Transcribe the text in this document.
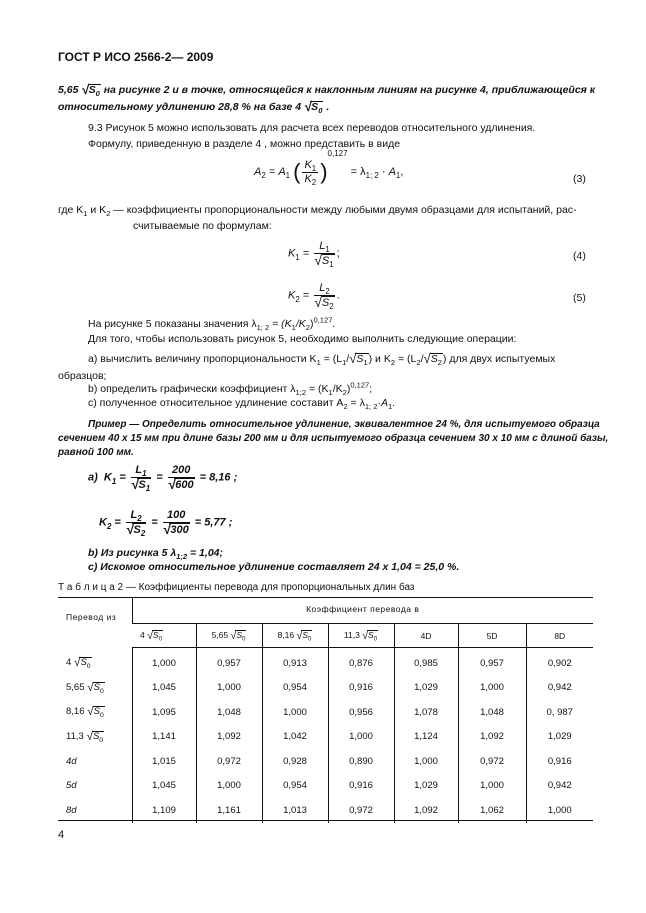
ГОСТ Р ИСО 2566-2— 2009
5,65 $√S_0$ на рисунке 2 и в точке, относящейся к наклонным линиям на рисунке 4, приближающейся к
относительному удлинению 28,8 % на базе 4 $√S_0$ .
9.3 Рисунок 5 можно использовать для расчета всех переводов относительного удлинения.
Формулу, приведенную в разделе 4 , можно представить в виде
$A_2 = A_1$ ( $\frac{K_1}{K_2} )^{0,127} = \lambda_{1; 2} \cdot A_1$,
(3)
где $K_1$ и $K_2$ — коэффициенты пропорциональности между любыми двумя образцами для испытаний, рас-
считываемые по формулам:
$K_1 = \frac{L_1}{√S_1}$ ;	(4)
$K_2 = \frac{L_2}{√S_2}$ .	(5)
На рисунке 5 показаны значения $\lambda_{1; 2} = (K_1/K_2)^{0,127}$.
Для того, чтобы использовать рисунок 5, необходимо выполнить следующие операции:
a) вычислить величину пропорциональности $K_1 = (L_1/√S_1)$ и $K_2 = (L_2/√S_2)$ для двух испытуемых
образцов;
b) определить графически коэффициент $\lambda_{1;2} = (K_1/K_2)^{0,127}$;
c) полученное относительное удлинение составит $A_2 = \lambda_{1; 2}\cdot A_1$.
Пример — Определить относительное удлинение, эквивалентное 24 %, для испытуемого образца
сечением 40 х 15 мм при длине базы 200 мм и для испытуемого образца сечением 30 х 10 мм с длиной базы,
равной 100 мм.
а) $K_1 = \frac{L_1}{√S_1} = \frac{200}{√600} = 8,16$ ;
$K_2 = \frac{L_2}{√S_2} = \frac{100}{√300} = 5,77$ ;
b) Из рисунка 5 $\lambda_{1;2} = 1,04$;
c) Искомое относительное удлинение составляет 24 х 1,04 = 25,0 %.
Т а б л и ц а 2 — Коэффициенты перевода для пропорциональных длин баз
Перевод из	Коэффициент перевода в						
	4 $√S_0$	5,65 $√S_0$	8,16 $√S_0$	11,3 $√S_0$	4D	5D	8D
4 $√S_0$	1,000	0,957	0,913	0,876	0,985	0,957	0,902
5,65 $√S_0$	1,045	1,000	0,954	0,916	1,029	1,000	0,942
8,16 $√S_0$	1,095	1,048	1,000	0,956	1,078	1,048	0, 987
11,3 $√S_0$	1,141	1,092	1,042	1,000	1,124	1,092	1,029
4d	1,015	0,972	0,928	0,890	1,000	0,972	0,916
5d	1,045	1,000	0,954	0,916	1,029	1,000	0,942
8d	1,109	1,161	1,013	0,972	1,092	1,062	1,000
4
